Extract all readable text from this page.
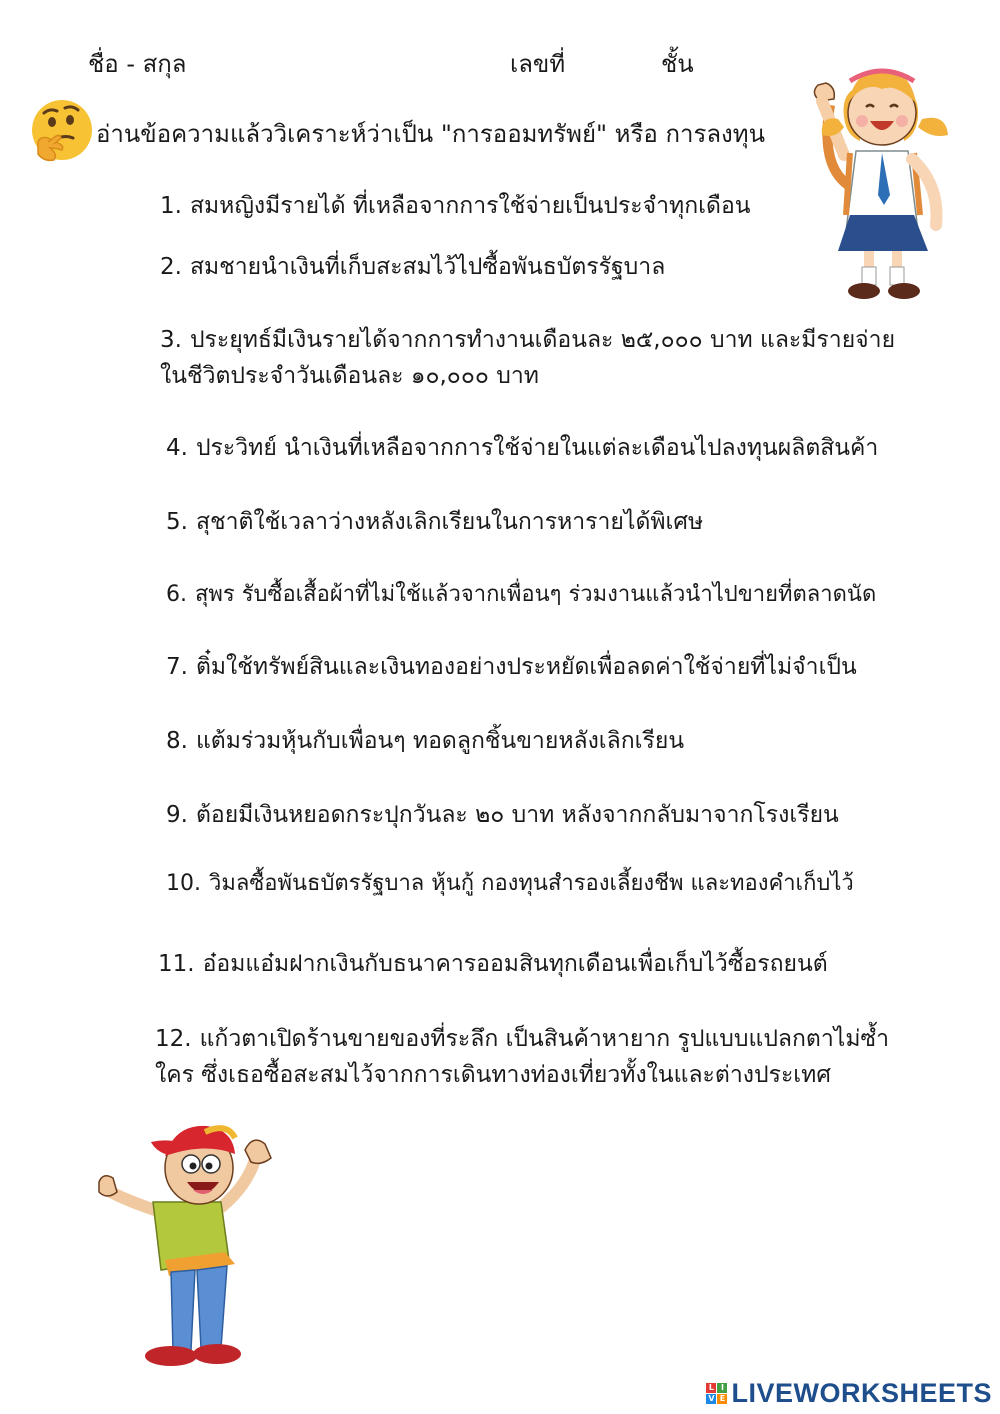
ชื่อ - สกุล	เลขที่	ชั้น
อ่านข้อความแล้ววิเคราะห์ว่าเป็น "การออมทรัพย์" หรือ การลงทุน
1. สมหญิงมีรายได้ ที่เหลือจากการใช้จ่ายเป็นประจำทุกเดือน
2. สมชายนำเงินที่เก็บสะสมไว้ไปซื้อพันธบัตรรัฐบาล
3. ประยุทธ์มีเงินรายได้จากการทำงานเดือนละ ๒๕,๐๐๐ บาท และมีรายจ่าย
ในชีวิตประจำวันเดือนละ ๑๐,๐๐๐ บาท
4. ประวิทย์ นำเงินที่เหลือจากการใช้จ่ายในแต่ละเดือนไปลงทุนผลิตสินค้า
5. สุชาติใช้เวลาว่างหลังเลิกเรียนในการหารายได้พิเศษ
6. สุพร รับซื้อเสื้อผ้าที่ไม่ใช้แล้วจากเพื่อนๆ ร่วมงานแล้วนำไปขายที่ตลาดนัด
7. ติ๋มใช้ทรัพย์สินและเงินทองอย่างประหยัดเพื่อลดค่าใช้จ่ายที่ไม่จำเป็น
8. แต้มร่วมหุ้นกับเพื่อนๆ ทอดลูกชิ้นขายหลังเลิกเรียน
9. ต้อยมีเงินหยอดกระปุกวันละ ๒๐ บาท หลังจากกลับมาจากโรงเรียน
10. วิมลซื้อพันธบัตรรัฐบาล หุ้นกู้ กองทุนสำรองเลี้ยงชีพ และทองคำเก็บไว้
11. อ๋อมแอ๋มฝากเงินกับธนาคารออมสินทุกเดือนเพื่อเก็บไว้ซื้อรถยนต์
12. แก้วตาเปิดร้านขายของที่ระลึก เป็นสินค้าหายาก รูปแบบแปลกตาไม่ซ้ำ
ใคร ซึ่งเธอซื้อสะสมไว้จากการเดินทางท่องเที่ยวทั้งในและต่างประเทศ
L I
V E LIVEWORKSHEETS
